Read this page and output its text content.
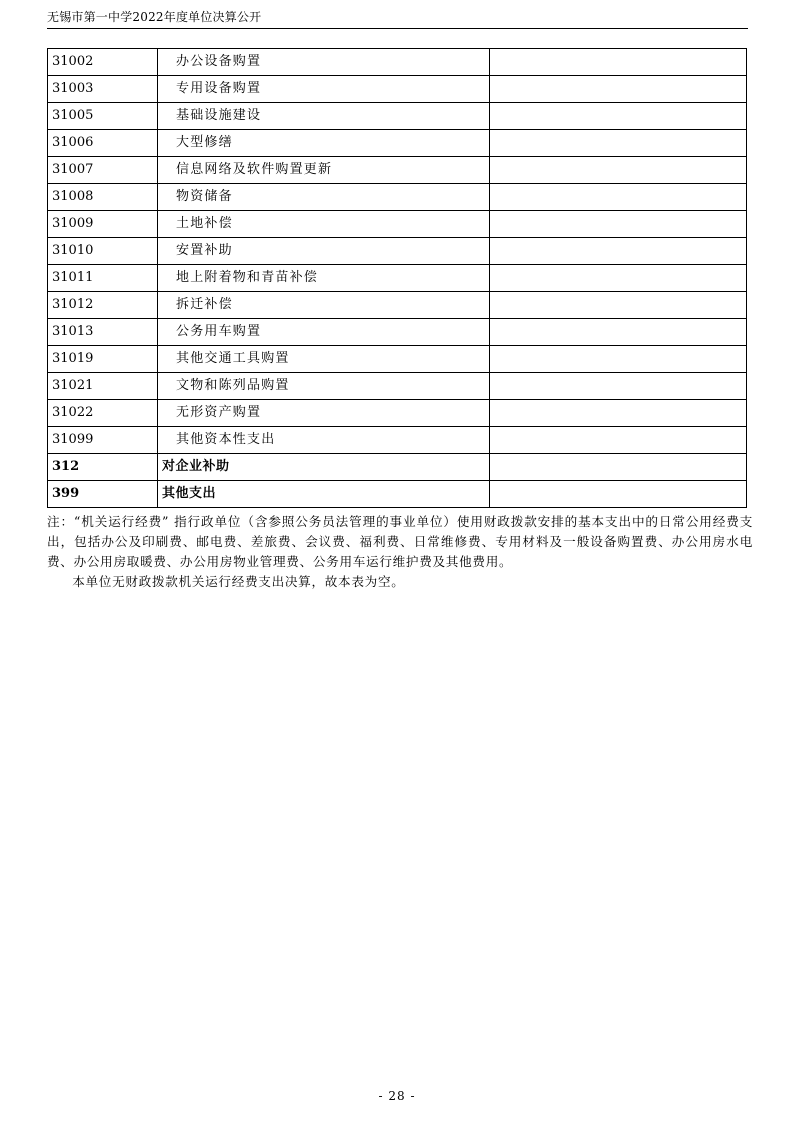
无锡市第一中学2022年度单位决算公开
31002	办公设备购置	
31003	专用设备购置	
31005	基础设施建设	
31006	大型修缮	
31007	信息网络及软件购置更新	
31008	物资储备	
31009	土地补偿	
31010	安置补助	
31011	地上附着物和青苗补偿	
31012	拆迁补偿	
31013	公务用车购置	
31019	其他交通工具购置	
31021	文物和陈列品购置	
31022	无形资产购置	
31099	其他资本性支出	
312	对企业补助	
399	其他支出	

注：“机关运行经费” 指行政单位（含参照公务员法管理的事业单位）使用财政拨款安排的基本支出中的日常公用经费支出，包括办公及印刷费、邮电费、差旅费、会议费、福利费、日常维修费、专用材料及一般设备购置费、办公用房水电费、办公用房取暖费、办公用房物业管理费、公务用车运行维护费及其他费用。

本单位无财政拨款机关运行经费支出决算，故本表为空。

- 28 -
